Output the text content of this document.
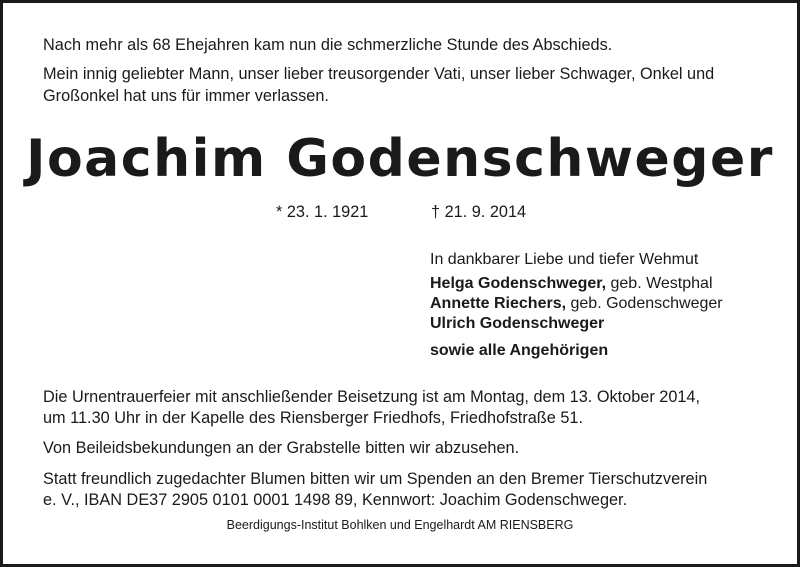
Nach mehr als 68 Ehejahren kam nun die schmerzliche Stunde des Abschieds.
Mein innig geliebter Mann, unser lieber treusorgender Vati, unser lieber Schwager, Onkel und
Großonkel hat uns für immer verlassen.
Joachim Godenschweger
* 23. 1. 1921	† 21. 9. 2014
In dankbarer Liebe und tiefer Wehmut
Helga Godenschweger, geb. Westphal
Annette Riechers, geb. Godenschweger
Ulrich Godenschweger
sowie alle Angehörigen
Die Urnentrauerfeier mit anschließender Beisetzung ist am Montag, dem 13. Oktober 2014,
um 11.30 Uhr in der Kapelle des Riensberger Friedhofs, Friedhofstraße 51.
Von Beileidsbekundungen an der Grabstelle bitten wir abzusehen.
Statt freundlich zugedachter Blumen bitten wir um Spenden an den Bremer Tierschutzverein
e. V., IBAN DE37 2905 0101 0001 1498 89, Kennwort: Joachim Godenschweger.
Beerdigungs-Institut Bohlken und Engelhardt AM RIENSBERG
